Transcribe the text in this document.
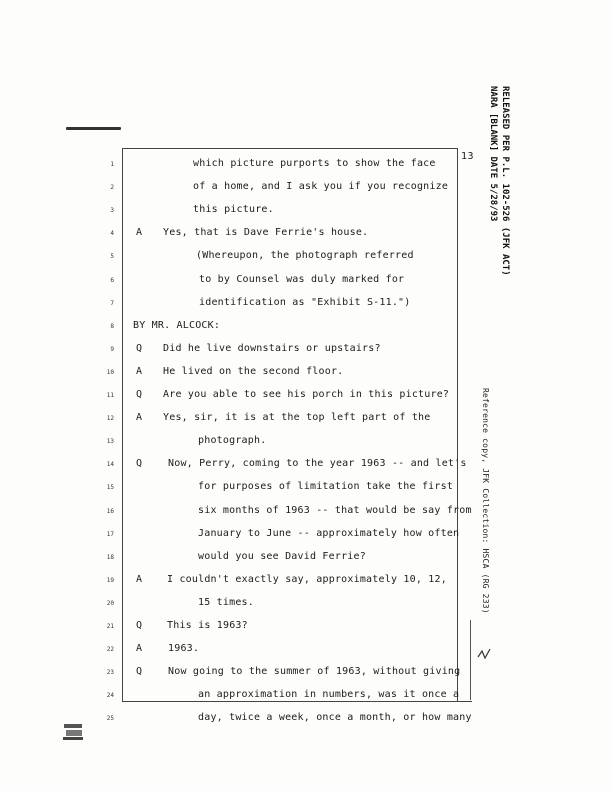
13	RELEASED PER P.L. 102-526 (JFK ACT)
NARA [BLANK] DATE 5/28/93
Reference copy, JFK Collection: HSCA (RG 233)
1	which picture purports to show the face
2	of a home, and I ask you if you recognize
3	this picture.
4 A Yes, that is Dave Ferrie's house.
5	(Whereupon, the photograph referred
6	to by Counsel was duly marked for
7	identification as "Exhibit S-11.")
8 BY MR. ALCOCK:
9 Q Did he live downstairs or upstairs?
10 A He lived on the second floor.
11 Q Are you able to see his porch in this picture?
12 A Yes, sir, it is at the top left part of the
13	photograph.
14 Q	Now, Perry, coming to the year 1963 -- and let's
15	for purposes of limitation take the first
16	six months of 1963 -- that would be say from
17	January to June -- approximately how often
18	would you see David Ferrie?
19 A I couldn't exactly say, approximately 10, 12,
20	15 times.
21 Q This is 1963?
22 A	1963.
23 Q	Now going to the summer of 1963, without giving
24	an approximation in numbers, was it once a
25	day, twice a week, once a month, or how many
